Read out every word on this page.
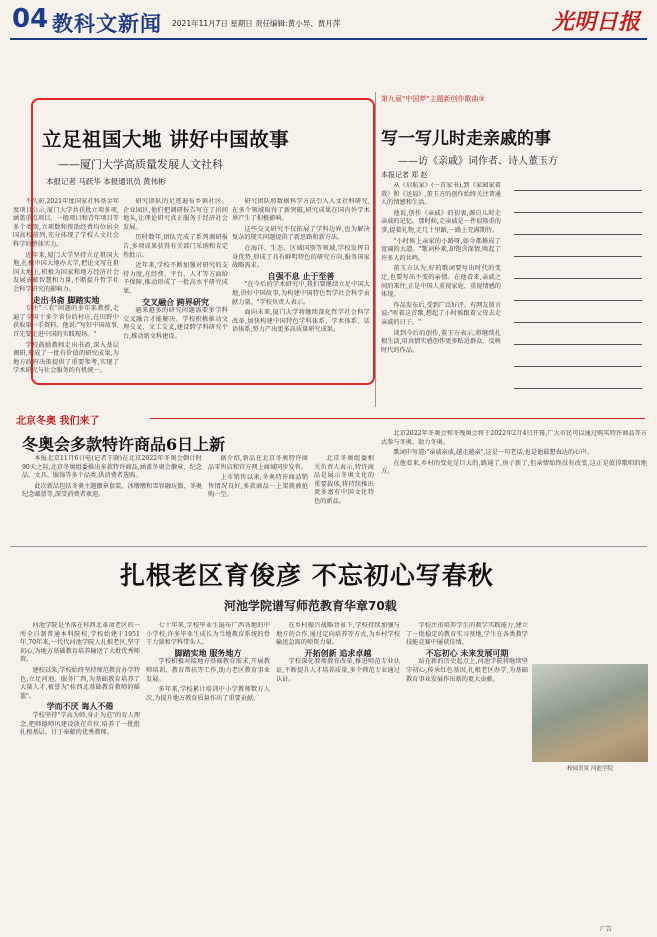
04 教科文新闻 2021年11月7日 星期日 责任编辑:黄小异、贾月萍	光明日报
立足祖国大地 讲好中国故事
——厦门大学高质量发展人文社科
本报记者 马跃华 本报通讯员 黄伟彬

不久前,2021年度国家社科基金年度项目公示,厦门大学共获批立项多项,涵盖重点项目、一般项目和青年项目等多个类别,立项数和资助经费均位居全国高校前列,充分体现了学校人文社会科学的整体实力。

近年来,厦门大学坚持立足祖国大地,扎根中国大地办大学,把论文写在祖国大地上,积极为国家和地方经济社会发展贡献智慧和力量,不断提升哲学社会科学研究的影响力。

走出书斋 脚踏实地

专注"三农"问题的多年来教授,走遍了全国十多个省份的村庄,在田野中获取第一手资料。他说:"写好中国故事,首先要走进中国的实践现场。"

学校鼓励教师走出书斋,深入基层调研,形成了一批有价值的研究成果,为地方政府决策提供了重要参考,实现了学术研究与社会服务的有机统一。

研究团队的足迹遍布乡镇社区、企业园区,他们把调研报告写在了田间地头,让理论研究真正服务于经济社会发展。

历时数年,团队完成了系列调研报告,多项成果获得有关部门采纳和肯定性批示。

近年来,学校不断加强对研究的支持力度,在经费、平台、人才等方面给予保障,推动形成了一批高水平研究成果。

交叉融合 跨界研究

越来越多的研究问题需要多学科交叉融合才能解决。学校积极推动文理交叉、文工交叉,建设跨学科研究平台,推动新文科建设。

研究团队将数据科学方法引入人文社科研究,在多个领域取得了新突破,研究成果在国内外学术界产生了积极影响。

这些交叉研究不仅拓展了学科边界,也为解决复杂的现实问题提供了新思路和新方法。

在海洋、生态、区域国别等领域,学校发挥自身优势,形成了具有鲜明特色的研究方向,服务国家战略需求。

自强不息 止于至善

"在今后的学术研究中,我们要继续立足中国大地,讲好中国故事,为构建中国特色哲学社会科学贡献力量。"学校负责人表示。

面向未来,厦门大学将继续深化哲学社会科学改革,加快构建中国特色学科体系、学术体系、话语体系,努力产出更多高质量研究成果。

第九届"中国梦"主题新创作歌曲③
写一写儿时走亲戚的事
——访《亲戚》词作者、诗人董玉方
本报记者 郑 赵

从《启航家》(一首家书),到《家园家着我》和《送福》,董玉方的创作始终关注普通人的情感和生活。

他说,创作《亲戚》的初衷,源自儿时走亲戚的记忆。那时候,走亲戚是一件很隆重的事,提着礼物,走几十里路,一路上充满期待。

"小时候上亲家的小路呀,如今都修成了宽阔的大道。"歌词朴素,却饱含深情,唤起了许多人的共鸣。

董玉方认为,好的歌词要写出时代的变迁,也要写出不变的亲情。在他看来,亲戚之间的来往,正是中国人重视家庭、重视情感的体现。

作品发布后,受到广泛好评。有网友留言说:"听着这首歌,想起了小时候跟着父母去走亲戚的日子。"

谈到今后的创作,董玉方表示,将继续扎根生活,用真情实感创作更多贴近群众、反映时代的作品。

北京冬奥 我们来了
冬奥会多款特许商品6日上新

本报北京11月6日电(记者王晓)在北京2022年冬奥会倒计时90天之际,北京冬奥组委推出多款特许商品,涵盖冬奥会徽章、纪念品、文具、服饰等多个品类,供消费者选购。

此次新品包括冬奥主题徽章套装、冰墩墩和雪容融玩偶、冬奥纪念邮票等,深受消费者欢迎。

据介绍,新品在北京冬奥特许商品零售店和官方网上商城同步发售。

上市销售以来,冬奥特许商品销售情况良好,多款商品一上架就被抢购一空。

北京冬奥组委相关负责人表示,特许商品是展示冬奥文化的重要载体,将持续推出更多富有中国文化特色的新品。

北京2022年冬奥会和冬残奥会将于2022年2月4日开幕,广大市民可以通过购买特许商品等方式参与冬奥、助力冬奥。

歌词中写道:"亲戚亲戚,越走越亲",这是一句老话,也是他最想表达的心声。

在他看来,乡村的变化是巨大的,路通了,房子新了,但亲情始终没有改变,这正是值得歌唱的地方。

扎根老区育俊彦 不忘初心写春秋
河池学院谱写师范教育华章70载

河池学院是坐落在桂西北革命老区的一所全日制普通本科院校,学校始建于1951年,70年来,一代代河池学院人扎根老区,坚守初心,为地方基础教育培养输送了大批优秀师资。

建校以来,学校始终坚持师范教育办学特色,立足河池、服务广西,为基础教育培养了大量人才,被誉为"桂西北基础教育教师的摇篮"。

学而不厌 诲人不倦

学校坚持"学高为师,身正为范"的育人理念,把师德师风建设放在首位,培养了一批批扎根基层、甘于奉献的优秀教师。

七十年来,学校毕业生遍布广西各地的中小学校,许多毕业生成长为当地教育系统的骨干力量和学科带头人。

脚踏实地 服务地方

学校积极对接地方基础教育需求,开展教师培训、教育帮扶等工作,助力老区教育事业发展。

多年来,学校累计培训中小学教师数万人次,为提升地方教育质量作出了重要贡献。

在乡村振兴战略背景下,学校持续加强与地方的合作,通过定向培养等方式,为乡村学校输送急需的师资力量。

开拓创新 追求卓越

学校深化教师教育改革,推进师范专业认证,不断提升人才培养质量,多个师范专业通过认证。

学校注重培养学生的教学实践能力,建立了一批稳定的教育实习基地,学生在各类教学技能竞赛中屡获佳绩。

不忘初心 未来发展可期

站在新的历史起点上,河池学院将继续坚守初心,传承红色基因,扎根老区办学,为基础教育事业发展作出新的更大贡献。

校园美景 河池学院
广告
